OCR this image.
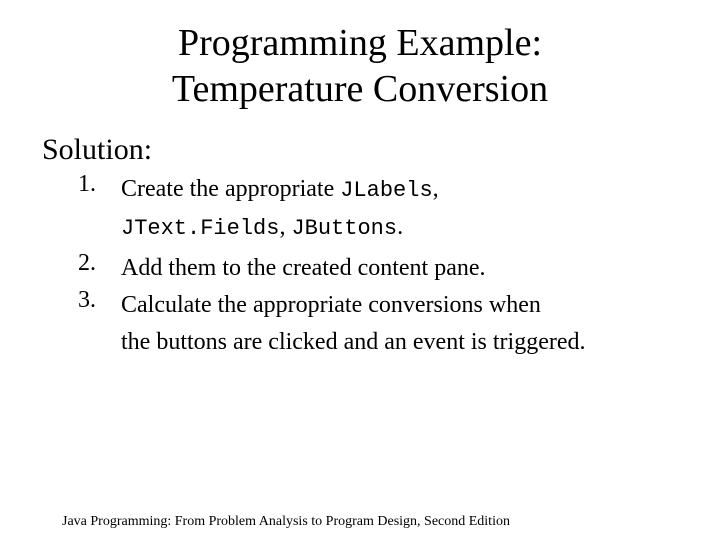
Programming Example:
Temperature Conversion
Solution:
1. Create the appropriate JLabels,
JText.Fields, JButtons.
2. Add them to the created content pane.
3. Calculate the appropriate conversions when
the buttons are clicked and an event is triggered.
Java Programming: From Problem Analysis to Program Design, Second Edition
